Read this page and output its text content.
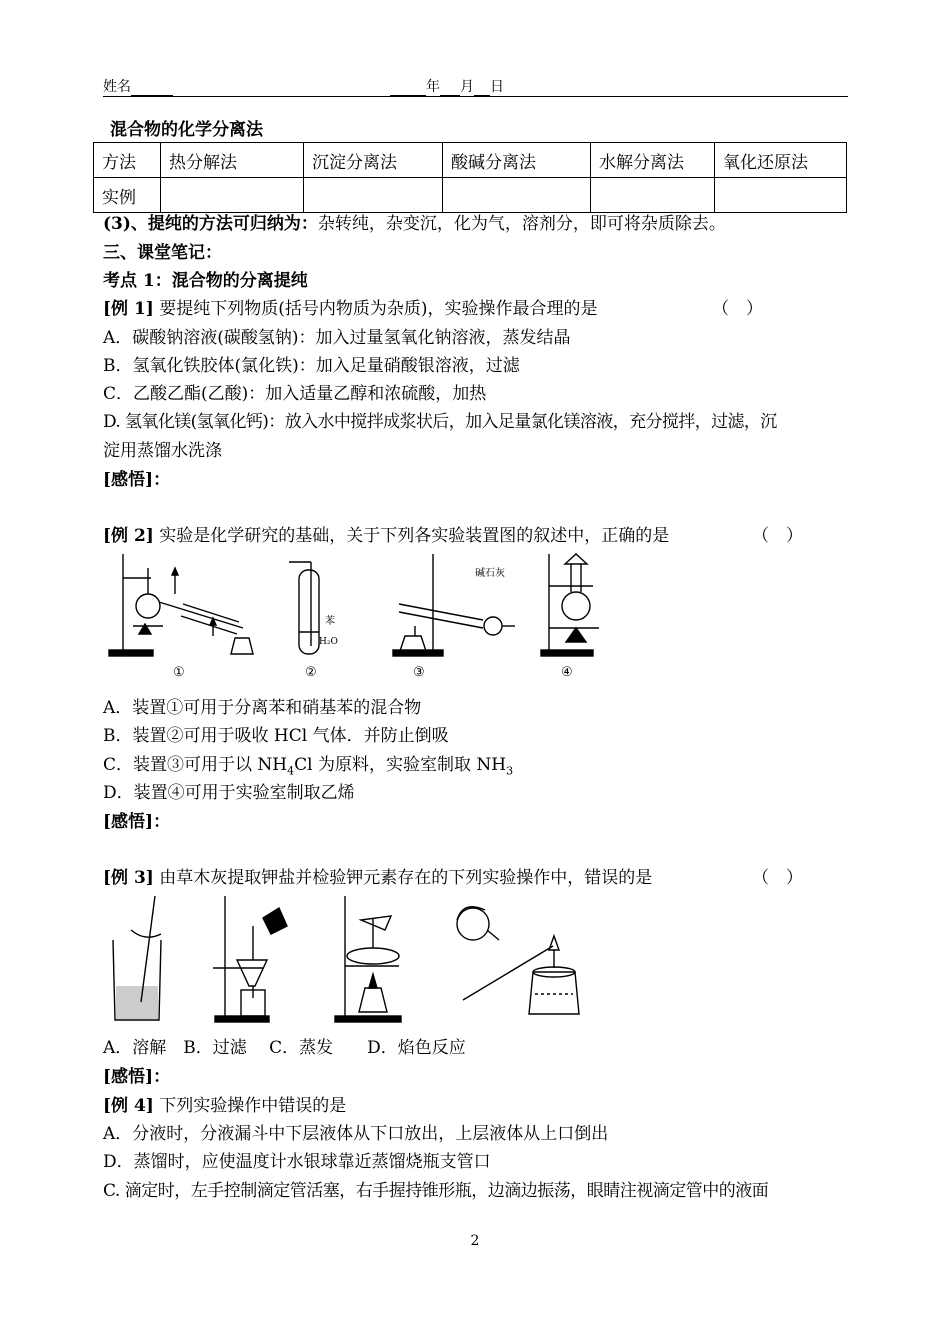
姓名	年 月 日
混合物的化学分离法
方法	热分解法	沉淀分离法	酸碱分离法	水解分离法	氧化还原法
实例					
(3)、提纯的方法可归纳为：杂转纯，杂变沉，化为气，溶剂分，即可将杂质除去。
三、课堂笔记：
考点 1：混合物的分离提纯
[例 1] 要提纯下列物质(括号内物质为杂质)，实验操作最合理的是	（　）
A．碳酸钠溶液(碳酸氢钠)：加入过量氢氧化钠溶液，蒸发结晶
B．氢氧化铁胶体(氯化铁)：加入足量硝酸银溶液，过滤
C．乙酸乙酯(乙酸)：加入适量乙醇和浓硫酸，加热
D. 氢氧化镁(氢氧化钙)：放入水中搅拌成浆状后，加入足量氯化镁溶液，充分搅拌，过滤，沉
淀用蒸馏水洗涤
[感悟]：
[例 2] 实验是化学研究的基础，关于下列各实验装置图的叙述中，正确的是	（　）
苯
H₂O
碱石灰
①	②	③	④
A．装置①可用于分离苯和硝基苯的混合物
B．装置②可用于吸收 HCl 气体．并防止倒吸
C．装置③可用于以 $NH_4Cl$ 为原料，实验室制取 $NH_3$
D．装置④可用于实验室制取乙烯
[感悟]：
[例 3] 由草木灰提取钾盐并检验钾元素存在的下列实验操作中，错误的是	（　）
A．溶解　B．过滤　 C．蒸发　　D．焰色反应
[感悟]：
[例 4] 下列实验操作中错误的是
A．分液时，分液漏斗中下层液体从下口放出，上层液体从上口倒出
D．蒸馏时，应使温度计水银球靠近蒸馏烧瓶支管口
C. 滴定时，左手控制滴定管活塞，右手握持锥形瓶，边滴边振荡，眼睛注视滴定管中的液面
2
